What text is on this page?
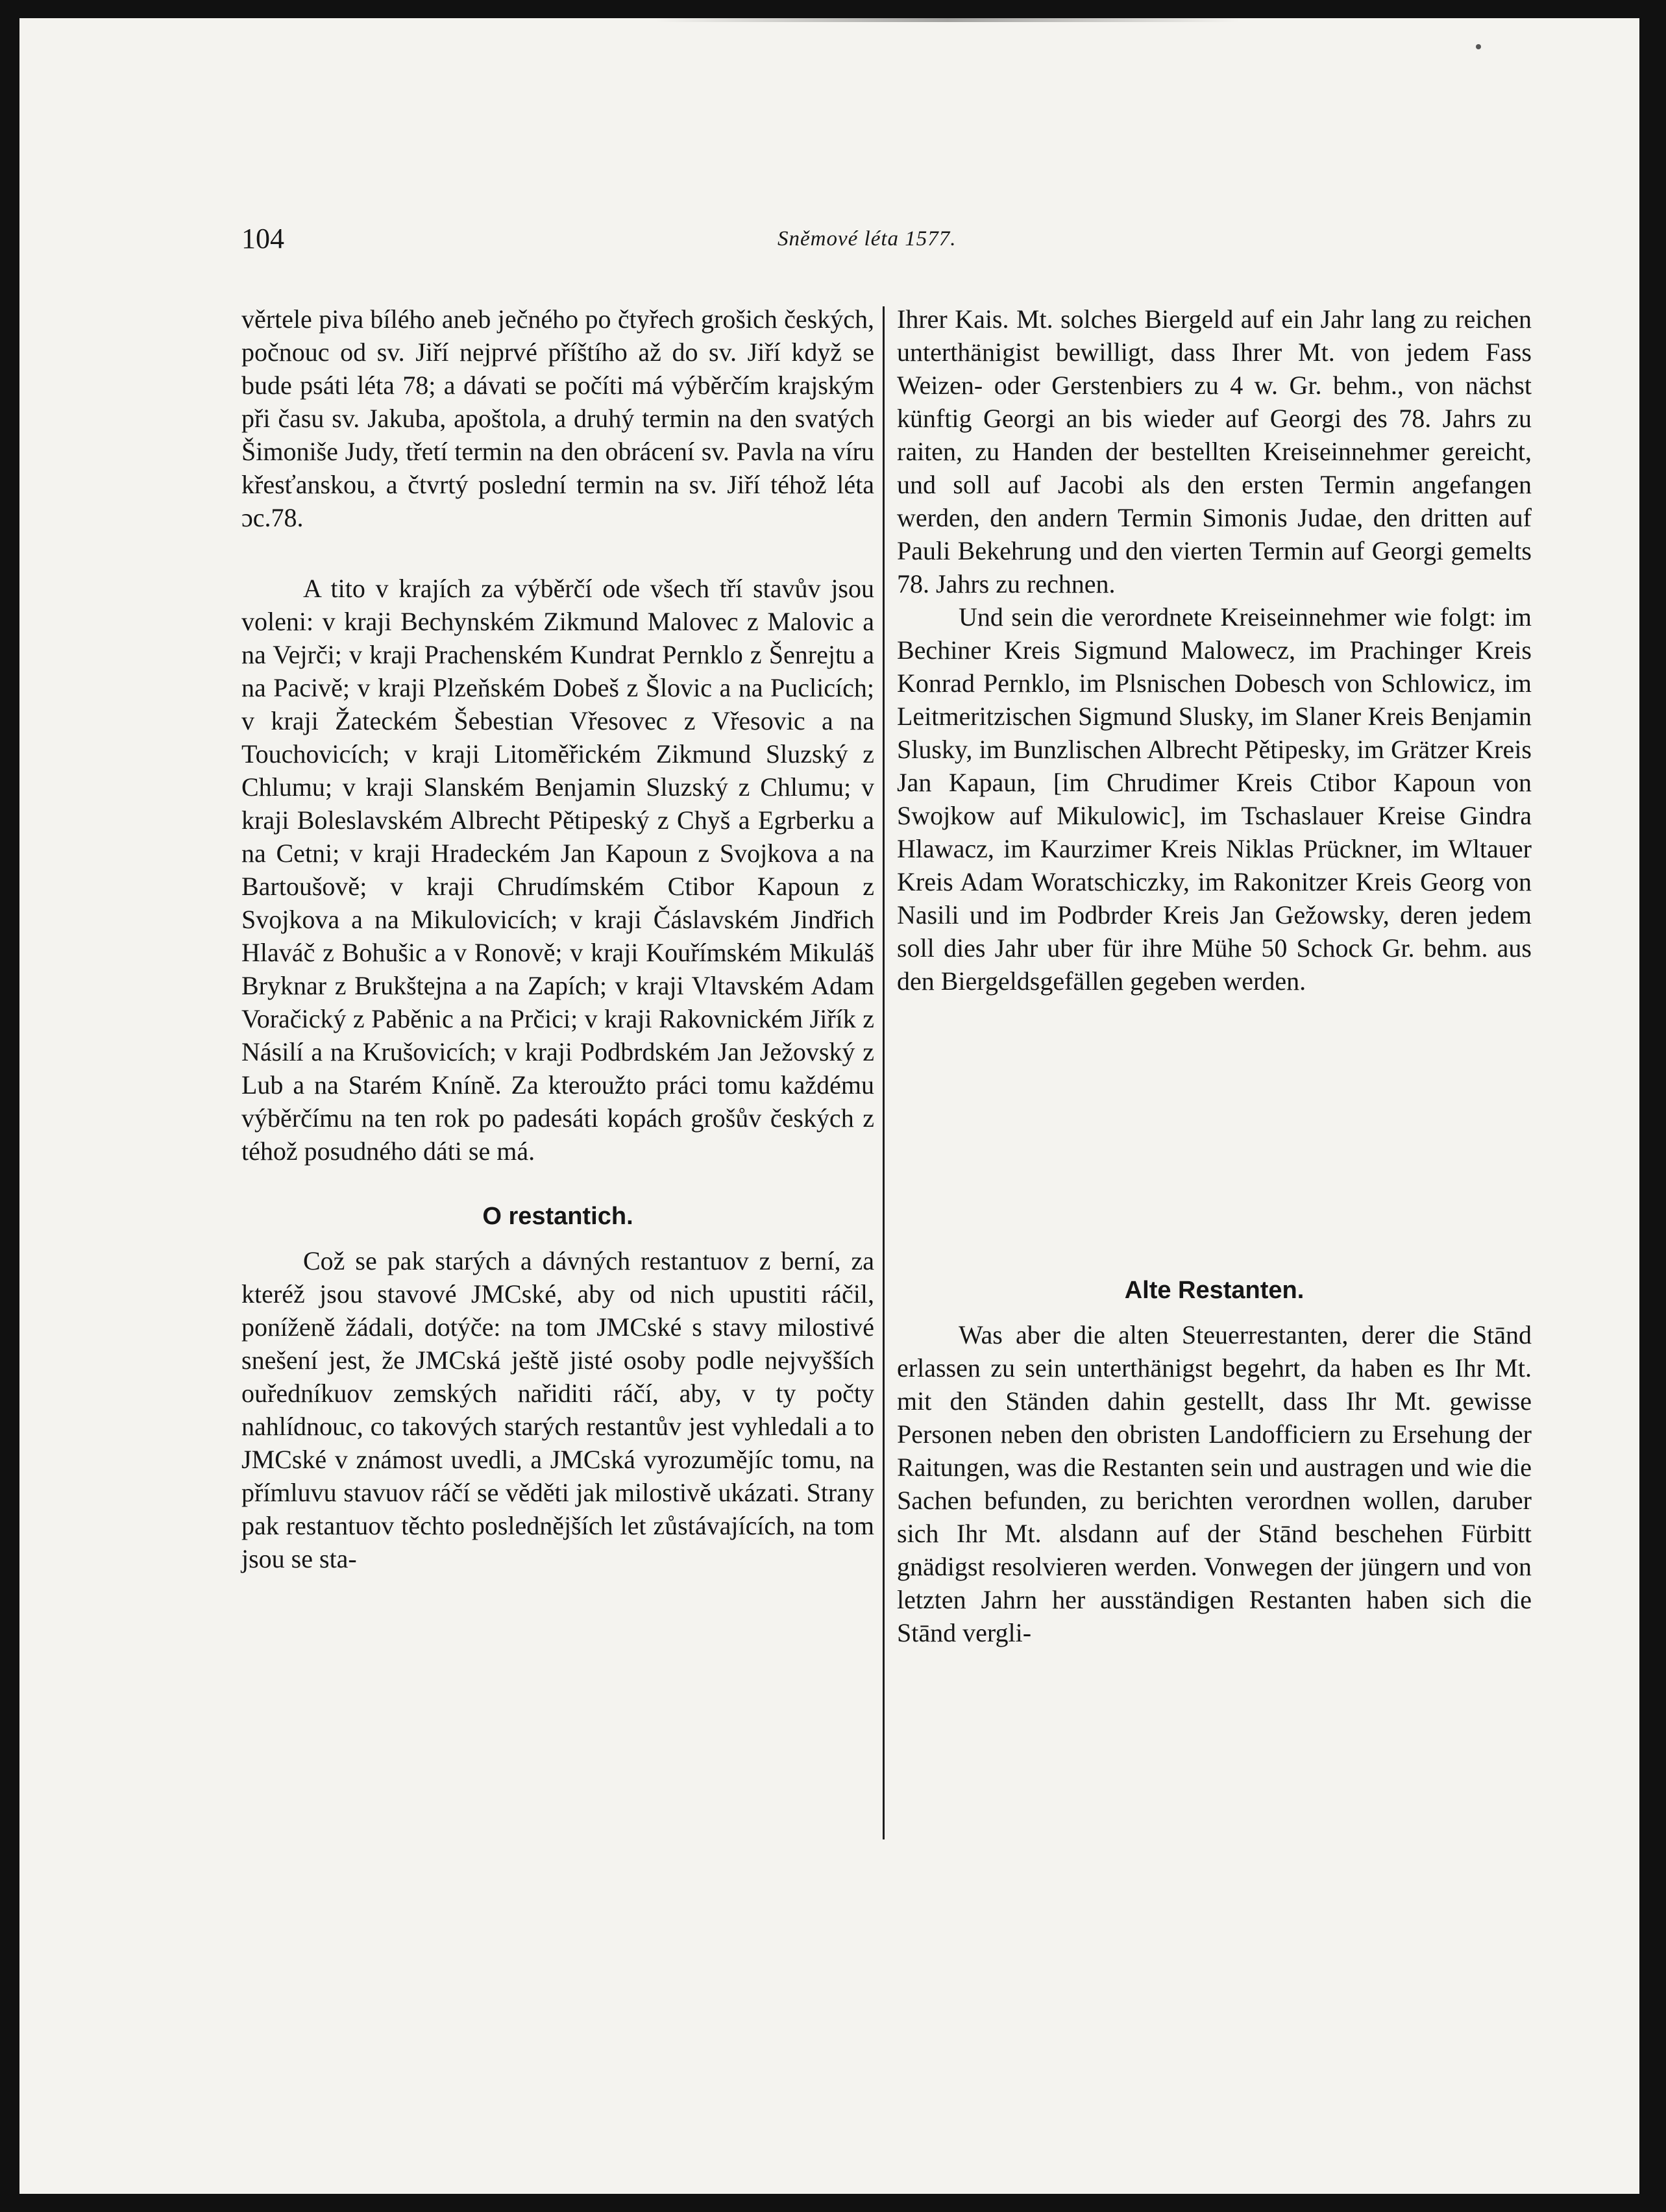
104	Sněmové léta 1577.

věrtele piva bílého aneb ječného po čtyřech grošich českých, počnouc od sv. Jiří nejprvé příštího až do sv. Jiří když se bude psáti léta 78; a dávati se počíti má výběrčím krajským při času sv. Jakuba, apoštola, a druhý termin na den svatých Šimoniše Judy, třetí termin na den obrácení sv. Pavla na víru křesťanskou, a čtvrtý poslední termin na sv. Jiří téhož léta ɔc.78.

A tito v krajích za výběrčí ode všech tří stavův jsou voleni: v kraji Bechynském Zikmund Malovec z Malovic a na Vejrči; v kraji Prachenském Kundrat Pernklo z Šenrejtu a na Pacivě; v kraji Plzeňském Dobeš z Šlovic a na Puclicích; v kraji Žateckém Šebestian Vřesovec z Vřesovic a na Touchovicích; v kraji Litoměřickém Zikmund Sluzský z Chlumu; v kraji Slanském Benjamin Sluzský z Chlumu; v kraji Boleslavském Albrecht Pětipeský z Chyš a Egrberku a na Cetni; v kraji Hradeckém Jan Kapoun z Svojkova a na Bartoušově; v kraji Chrudímském Ctibor Kapoun z Svojkova a na Mikulovicích; v kraji Čáslavském Jindřich Hlaváč z Bohušic a v Ronově; v kraji Kouřímském Mikuláš Bryknar z Brukštejna a na Zapích; v kraji Vltavském Adam Voračický z Paběnic a na Prčici; v kraji Rakovnickém Jiřík z Násilí a na Krušovicích; v kraji Podbrdském Jan Ježovský z Lub a na Starém Kníně. Za kteroužto práci tomu každému výběrčímu na ten rok po padesáti kopách grošův českých z téhož posudného dáti se má.

O restantich.

Což se pak starých a dávných restantuov z berní, za kteréž jsou stavové JMCské, aby od nich upustiti ráčil, poníženě žádali, dotýče: na tom JMCské s stavy milostivé snešení jest, že JMCská ještě jisté osoby podle nejvyšších ouředníkuov zemských nařiditi ráčí, aby, v ty počty nahlídnouc, co takových starých restantův jest vyhledali a to JMCské v známost uvedli, a JMCská vyrozumějíc tomu, na přímluvu stavuov ráčí se věděti jak milostivě ukázati. Strany pak restantuov těchto posledněјších let zůstávajících, na tom jsou se sta-

Ihrer Kais. Mt. solches Biergeld auf ein Jahr lang zu reichen unterthänigist bewilligt, dass Ihrer Mt. von jedem Fass Weizen- oder Gerstenbiers zu 4 w. Gr. behm., von nächst künftig Georgi an bis wieder auf Georgi des 78. Jahrs zu raiten, zu Handen der bestellten Kreiseinnehmer gereicht, und soll auf Jacobi als den ersten Termin angefangen werden, den andern Termin Simonis Judae, den dritten auf Pauli Bekehrung und den vierten Termin auf Georgi gemelts 78. Jahrs zu rechnen.

Und sein die verordnete Kreiseinnehmer wie folgt: im Bechiner Kreis Sigmund Malowecz, im Prachinger Kreis Konrad Pernklo, im Plsnischen Dobesch von Schlowicz, im Leitmeritzischen Sigmund Slusky, im Slaner Kreis Benjamin Slusky, im Bunzlischen Albrecht Pětipesky, im Grätzer Kreis Jan Kapaun, [im Chrudimer Kreis Ctibor Kapoun von Swojkow auf Mikulowic], im Tschaslauer Kreise Gindra Hlawacz, im Kaurzimer Kreis Niklas Prückner, im Wltauer Kreis Adam Woratschiczky, im Rakonitzer Kreis Georg von Nasili und im Podbrder Kreis Jan Gežowsky, deren jedem soll dies Jahr uber für ihre Mühe 50 Schock Gr. behm. aus den Biergeldsgefällen gegeben werden.

Alte Restanten.

Was aber die alten Steuerrestanten, derer die Stānd erlassen zu sein unterthänigst begehrt, da haben es Ihr Mt. mit den Ständen dahin gestellt, dass Ihr Mt. gewisse Personen neben den obristen Landofficiern zu Ersehung der Raitungen, was die Restanten sein und austragen und wie die Sachen befunden, zu berichten verordnen wollen, daruber sich Ihr Mt. alsdann auf der Stānd beschehen Fürbitt gnädigst resolvieren werden. Vonwegen der jüngern und von letzten Jahrn her ausständigen Restanten haben sich die Stānd vergli-
